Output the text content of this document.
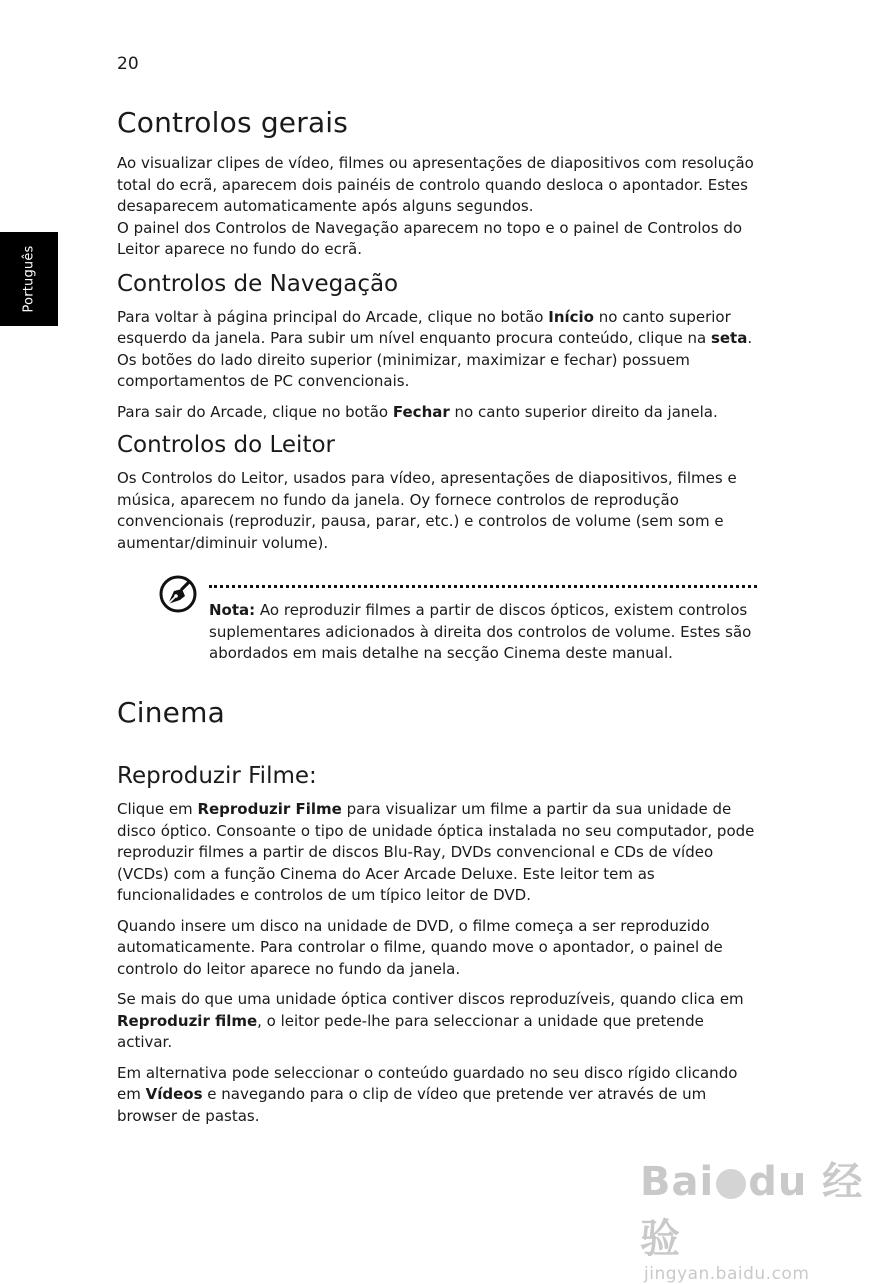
20
Português
Controlos gerais

Ao visualizar clipes de vídeo, filmes ou apresentações de diapositivos com resolução total do ecrã, aparecem dois painéis de controlo quando desloca o apontador. Estes desaparecem automaticamente após alguns segundos.

O painel dos Controlos de Navegação aparecem no topo e o painel de Controlos do Leitor aparece no fundo do ecrã.

Controlos de Navegação

Para voltar à página principal do Arcade, clique no botão Início no canto superior esquerdo da janela. Para subir um nível enquanto procura conteúdo, clique na seta. Os botões do lado direito superior (minimizar, maximizar e fechar) possuem comportamentos de PC convencionais.

Para sair do Arcade, clique no botão Fechar no canto superior direito da janela.

Controlos do Leitor

Os Controlos do Leitor, usados para vídeo, apresentações de diapositivos, filmes e música, aparecem no fundo da janela. Oy fornece controlos de reprodução convencionais (reproduzir, pausa, parar, etc.) e controlos de volume (sem som e aumentar/diminuir volume).

Nota: Ao reproduzir filmes a partir de discos ópticos, existem controlos suplementares adicionados à direita dos controlos de volume. Estes são abordados em mais detalhe na secção Cinema deste manual.

Cinema
Reproduzir Filme:

Clique em Reproduzir Filme para visualizar um filme a partir da sua unidade de disco óptico. Consoante o tipo de unidade óptica instalada no seu computador, pode reproduzir filmes a partir de discos Blu-Ray, DVDs convencional e CDs de vídeo (VCDs) com a função Cinema do Acer Arcade Deluxe. Este leitor tem as funcionalidades e controlos de um típico leitor de DVD.

Quando insere um disco na unidade de DVD, o filme começa a ser reproduzido automaticamente. Para controlar o filme, quando move o apontador, o painel de controlo do leitor aparece no fundo da janela.

Se mais do que uma unidade óptica contiver discos reproduzíveis, quando clica em Reproduzir filme, o leitor pede-lhe para seleccionar a unidade que pretende activar.

Em alternativa pode seleccionar o conteúdo guardado no seu disco rígido clicando em Vídeos e navegando para o clip de vídeo que pretende ver através de um browser de pastas.

Bai du 经验
jingyan.baidu.com
